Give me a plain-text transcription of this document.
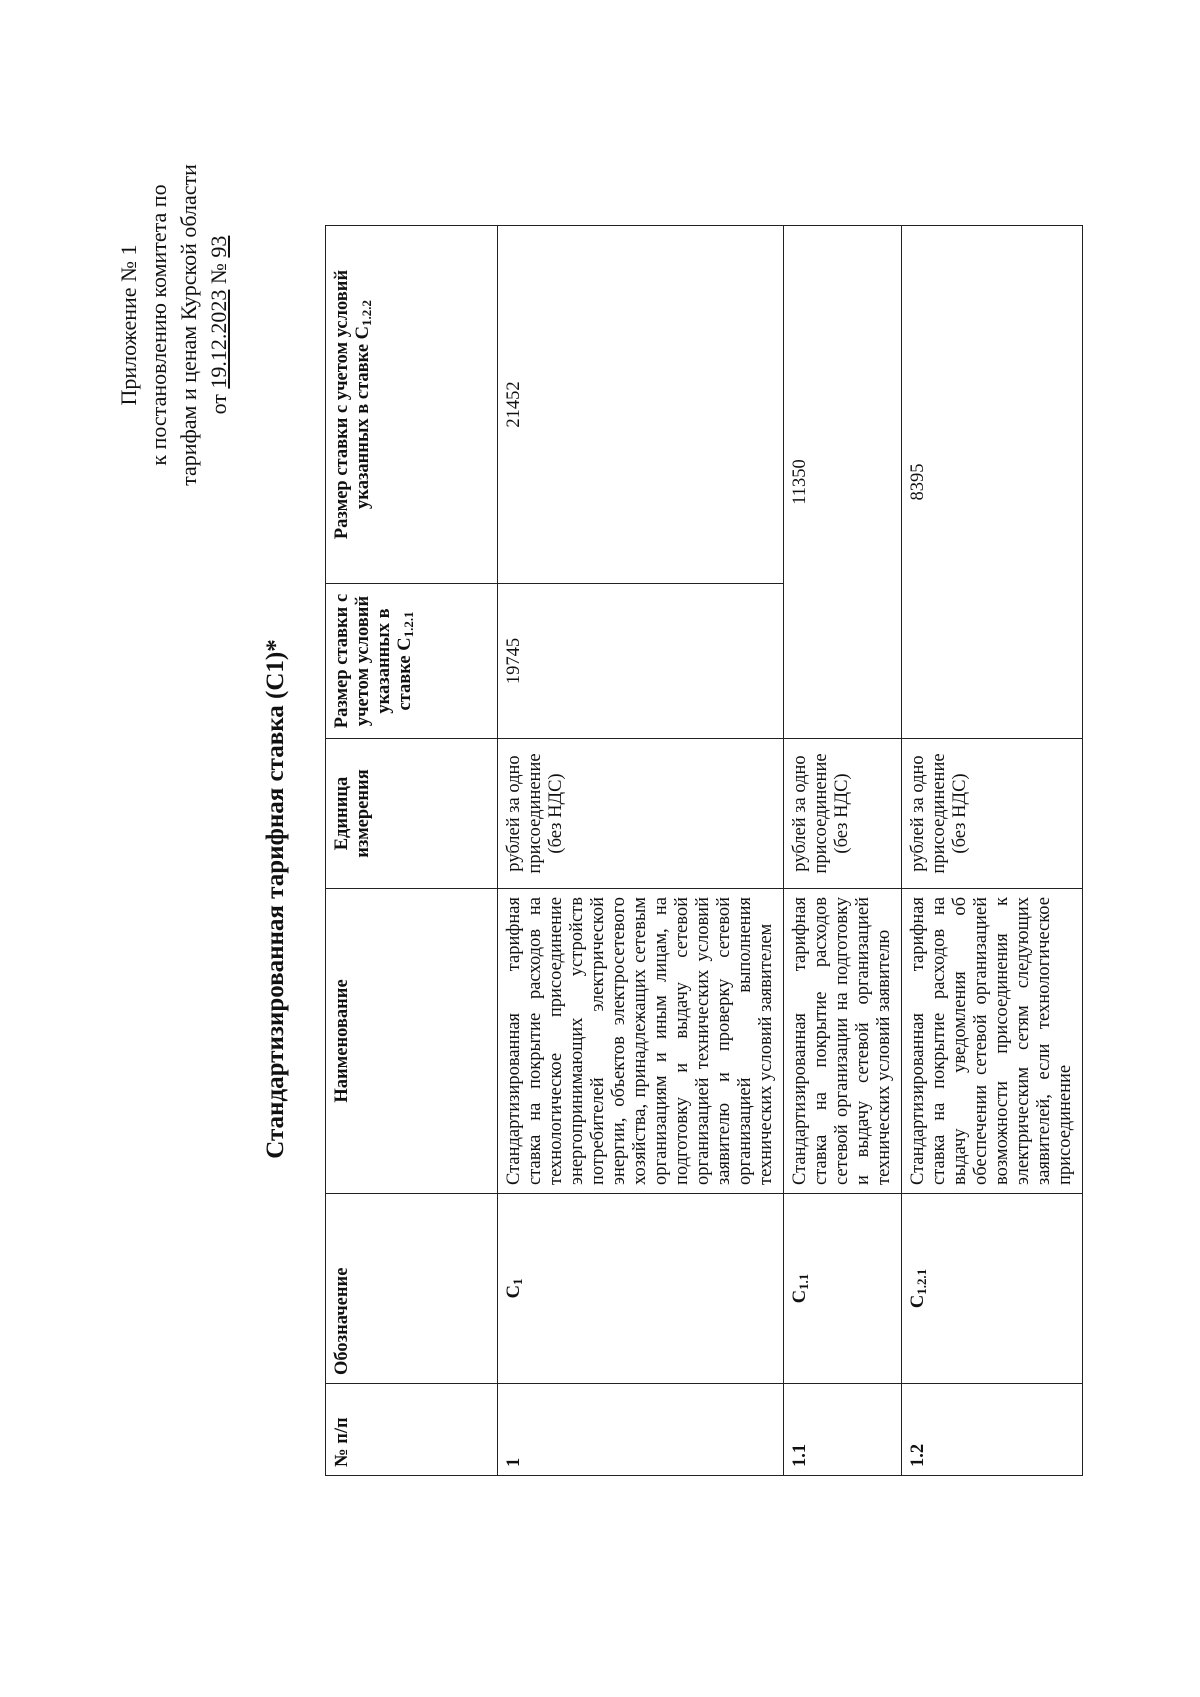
Приложение № 1 к постановлению комитета по тарифам и ценам Курской области от 19.12.2023 № 93
Стандартизированная тарифная ставка (С1)*
№ п/п	Обозначение	Наименование	Единица измерения	Размер ставки с учетом условий указанных в ставке $С_{1.2.1}$	Размер ставки с учетом условий указанных в ставке $С_{1.2.2}$
1	$С_1$	Стандартизированная тарифная ставка на покрытие расходов на технологическое присоединение энергопринимающих устройств потребителей электрической энергии, объектов электросетевого хозяйства, принадлежащих сетевым организациям и иным лицам, на подготовку и выдачу сетевой организацией технических условий заявителю и проверку сетевой организацией выполнения технических условий заявителем	рублей за одно присоединение (без НДС)	19745	21452
1.1	$С_{1.1}$	Стандартизированная тарифная ставка на покрытие расходов сетевой организации на подготовку и выдачу сетевой организацией технических условий заявителю	рублей за одно присоединение (без НДС)	11350	
1.2	$С_{1.2.1}$	Стандартизированная тарифная ставка на покрытие расходов на выдачу уведомления об обеспечении сетевой организацией возможности присоединения к электрическим сетям следующих заявителей, если технологическое присоединение	рублей за одно присоединение (без НДС)	8395	
